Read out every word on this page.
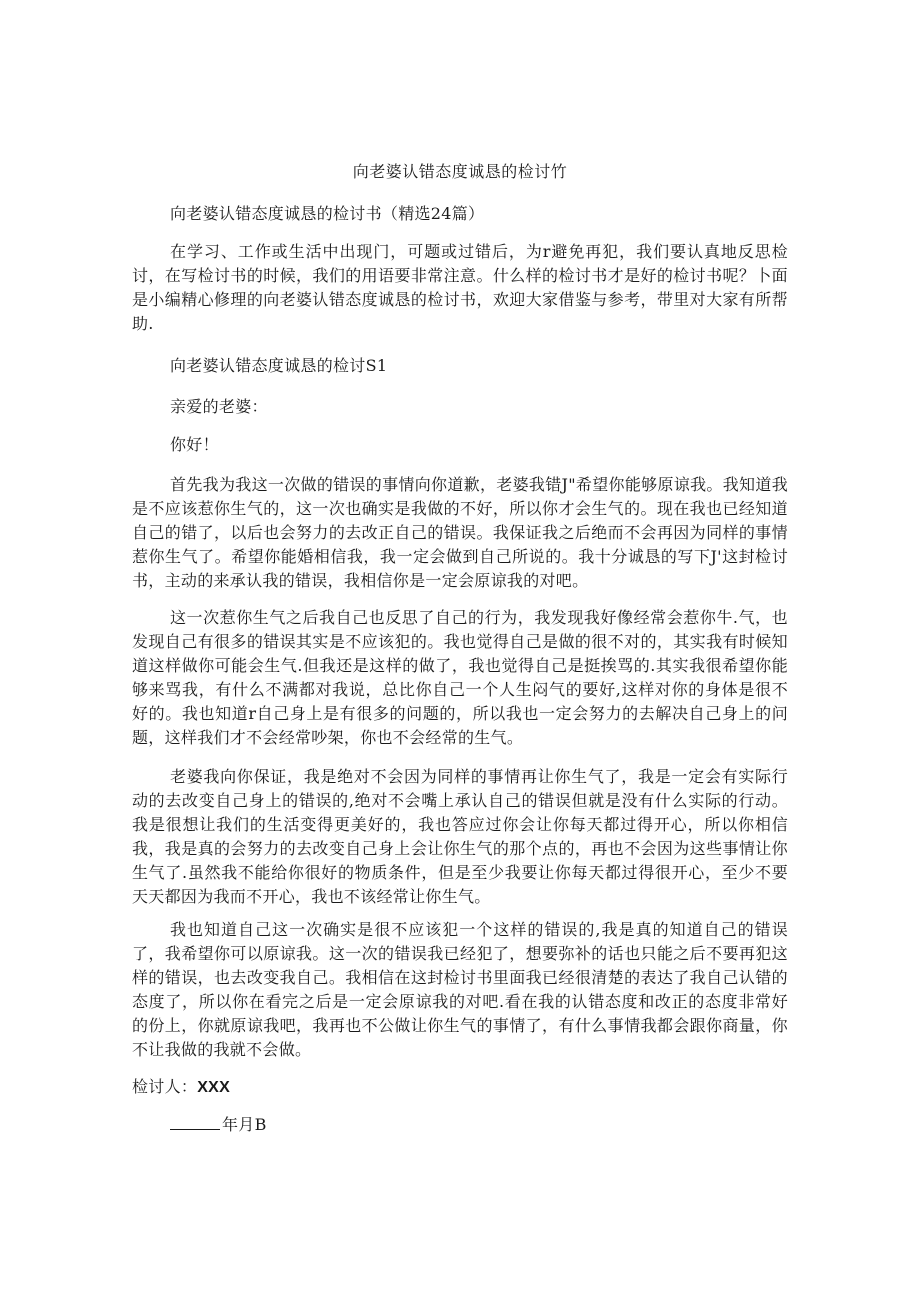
向老婆认错态度诚恳的检讨竹
向老婆认错态度诚恳的检讨书（精选24篇）
在学习、工作或生活中出现门，可题或过错后，为r避免再犯，我们要认真地反思检讨，在写检讨书的时候，我们的用语要非常注意。什么样的检讨书才是好的检讨书呢？卜面是小编精心修理的向老婆认错态度诚恳的检讨书，欢迎大家借鉴与参考，带里对大家有所帮助.
向老婆认错态度诚恳的检讨S1
亲爱的老婆：
你好！
首先我为我这一次做的错误的事情向你道歉，老婆我错J"希望你能够原谅我。我知道我是不应该惹你生气的，这一次也确实是我做的不好，所以你才会生气的。现在我也已经知道自己的错了，以后也会努力的去改正自己的错误。我保证我之后绝而不会再因为同样的事情惹你生气了。希望你能婚相信我，我一定会做到自己所说的。我十分诚恳的写下J'这封检讨书，主动的来承认我的错误，我相信你是一定会原谅我的对吧。
这一次惹你生气之后我自己也反思了自己的行为，我发现我好像经常会惹你牛.气，也发现自己有很多的错误其实是不应该犯的。我也觉得自己是做的很不对的，其实我有时候知道这样做你可能会生气.但我还是这样的做了，我也觉得自己是挺挨骂的.其实我很希望你能够来骂我，有什么不满都对我说，总比你自己一个人生闷气的要好,这样对你的身体是很不好的。我也知道r自己身上是有很多的问题的，所以我也一定会努力的去解决自己身上的问题，这样我们才不会经常吵架，你也不会经常的生气。
老婆我向你保证，我是绝对不会因为同样的事情再让你生气了，我是一定会有实际行动的去改变自己身上的错误的,绝对不会嘴上承认自己的错误但就是没有什么实际的行动。我是很想让我们的生活变得更美好的，我也答应过你会让你每天都过得开心，所以你相信我，我是真的会努力的去改变自己身上会让你生气的那个点的，再也不会因为这些事情让你生气了.虽然我不能给你很好的物质条件，但是至少我要让你每天都过得很开心，至少不要天天都因为我而不开心，我也不该经常让你生气。
我也知道自己这一次确实是很不应该犯一个这样的错误的,我是真的知道自己的错误了，我希望你可以原谅我。这一次的错误我已经犯了，想要弥补的话也只能之后不要再犯这样的错误，也去改变我自己。我相信在这封检讨书里面我已经很清楚的表达了我自己认错的态度了，所以你在看完之后是一定会原谅我的对吧.看在我的认错态度和改正的态度非常好的份上，你就原谅我吧，我再也不公做让你生气的事情了，有什么事情我都会跟你商量，你不让我做的我就不会做。
检讨人：XXX
年月B
